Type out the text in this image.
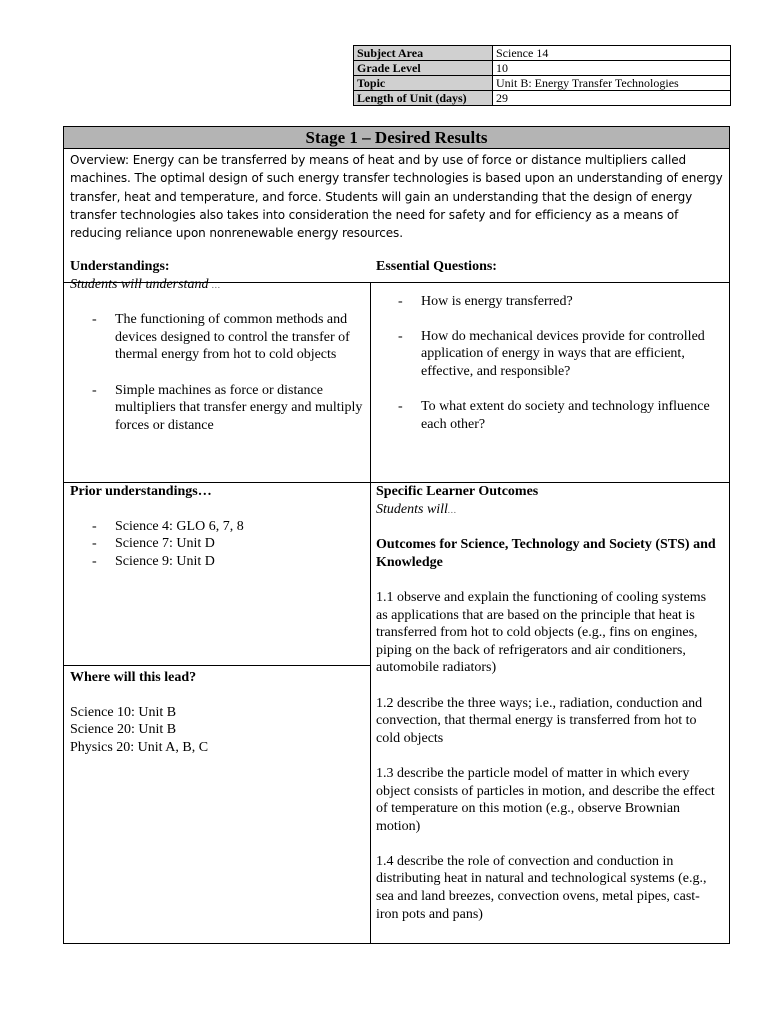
Subject Area	Science 14
Grade Level	10
Topic	Unit B: Energy Transfer Technologies
Length of Unit (days)	29
Stage 1 – Desired Results
Overview: Energy can be transferred by means of heat and by use of force or distance multipliers called machines. The optimal design of such energy transfer technologies is based upon an understanding of energy transfer, heat and temperature, and force. Students will gain an understanding that the design of energy transfer technologies also takes into consideration the need for safety and for efficiency as a means of reducing reliance upon nonrenewable energy resources.
Understandings:
Students will understand …
- The functioning of common methods and devices designed to control the transfer of thermal energy from hot to cold objects
- Simple machines as force or distance multipliers that transfer energy and multiply forces or distance
Essential Questions:
- How is energy transferred?
- How do mechanical devices provide for controlled application of energy in ways that are efficient, effective, and responsible?
- To what extent do society and technology influence each other?
Prior understandings…
- Science 4: GLO 6, 7, 8
- Science 7: Unit D
- Science 9: Unit D
Where will this lead?
Science 10: Unit B
Science 20: Unit B
Physics 20: Unit A, B, C
Specific Learner Outcomes
Students will…
Outcomes for Science, Technology and Society (STS) and Knowledge

1.1 observe and explain the functioning of cooling systems as applications that are based on the principle that heat is transferred from hot to cold objects (e.g., fins on engines, piping on the back of refrigerators and air conditioners, automobile radiators)

1.2 describe the three ways; i.e., radiation, conduction and convection, that thermal energy is transferred from hot to cold objects

1.3 describe the particle model of matter in which every object consists of particles in motion, and describe the effect of temperature on this motion (e.g., observe Brownian motion)

1.4 describe the role of convection and conduction in distributing heat in natural and technological systems (e.g., sea and land breezes, convection ovens, metal pipes, cast-iron pots and pans)
